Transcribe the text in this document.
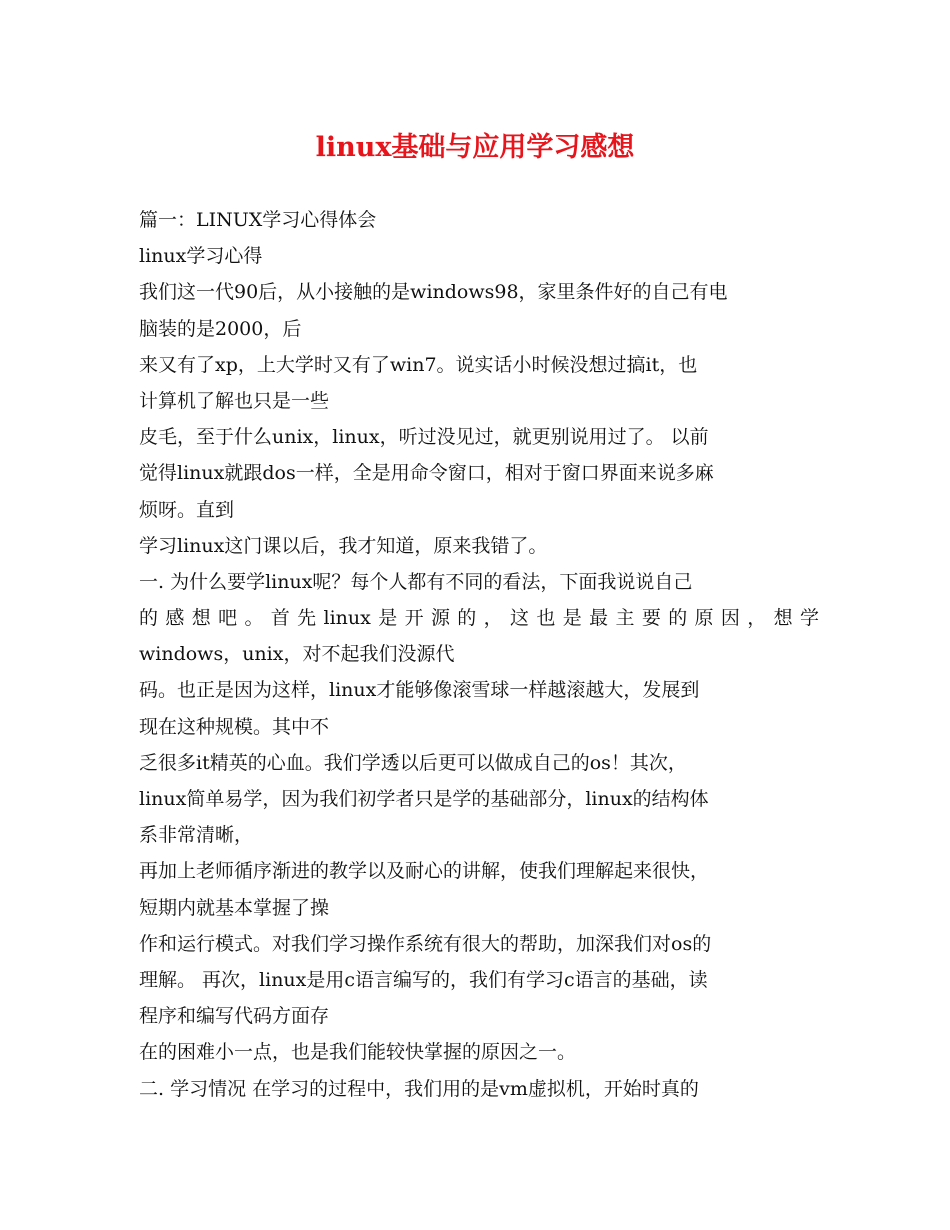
linux基础与应用学习感想
篇一：LINUX学习心得体会
linux学习心得
我们这一代90后，从小接触的是windows98，家里条件好的自己有电
脑装的是2000，后
来又有了xp，上大学时又有了win7。说实话小时候没想过搞it，也
计算机了解也只是一些
皮毛，至于什么unix，linux，听过没见过，就更别说用过了。 以前
觉得linux就跟dos一样，全是用命令窗口，相对于窗口界面来说多麻
烦呀。直到
学习linux这门课以后，我才知道，原来我错了。
一. 为什么要学linux呢？每个人都有不同的看法，下面我说说自己
的感想吧。首先linux是开源的，这也是最主要的原因，想学
windows，unix，对不起我们没源代
码。也正是因为这样，linux才能够像滚雪球一样越滚越大，发展到
现在这种规模。其中不
乏很多it精英的心血。我们学透以后更可以做成自己的os！其次，
linux简单易学，因为我们初学者只是学的基础部分，linux的结构体
系非常清晰，
再加上老师循序渐进的教学以及耐心的讲解，使我们理解起来很快，
短期内就基本掌握了操
作和运行模式。对我们学习操作系统有很大的帮助，加深我们对os的
理解。 再次，linux是用c语言编写的，我们有学习c语言的基础，读
程序和编写代码方面存
在的困难小一点，也是我们能较快掌握的原因之一。
二. 学习情况 在学习的过程中，我们用的是vm虚拟机，开始时真的
